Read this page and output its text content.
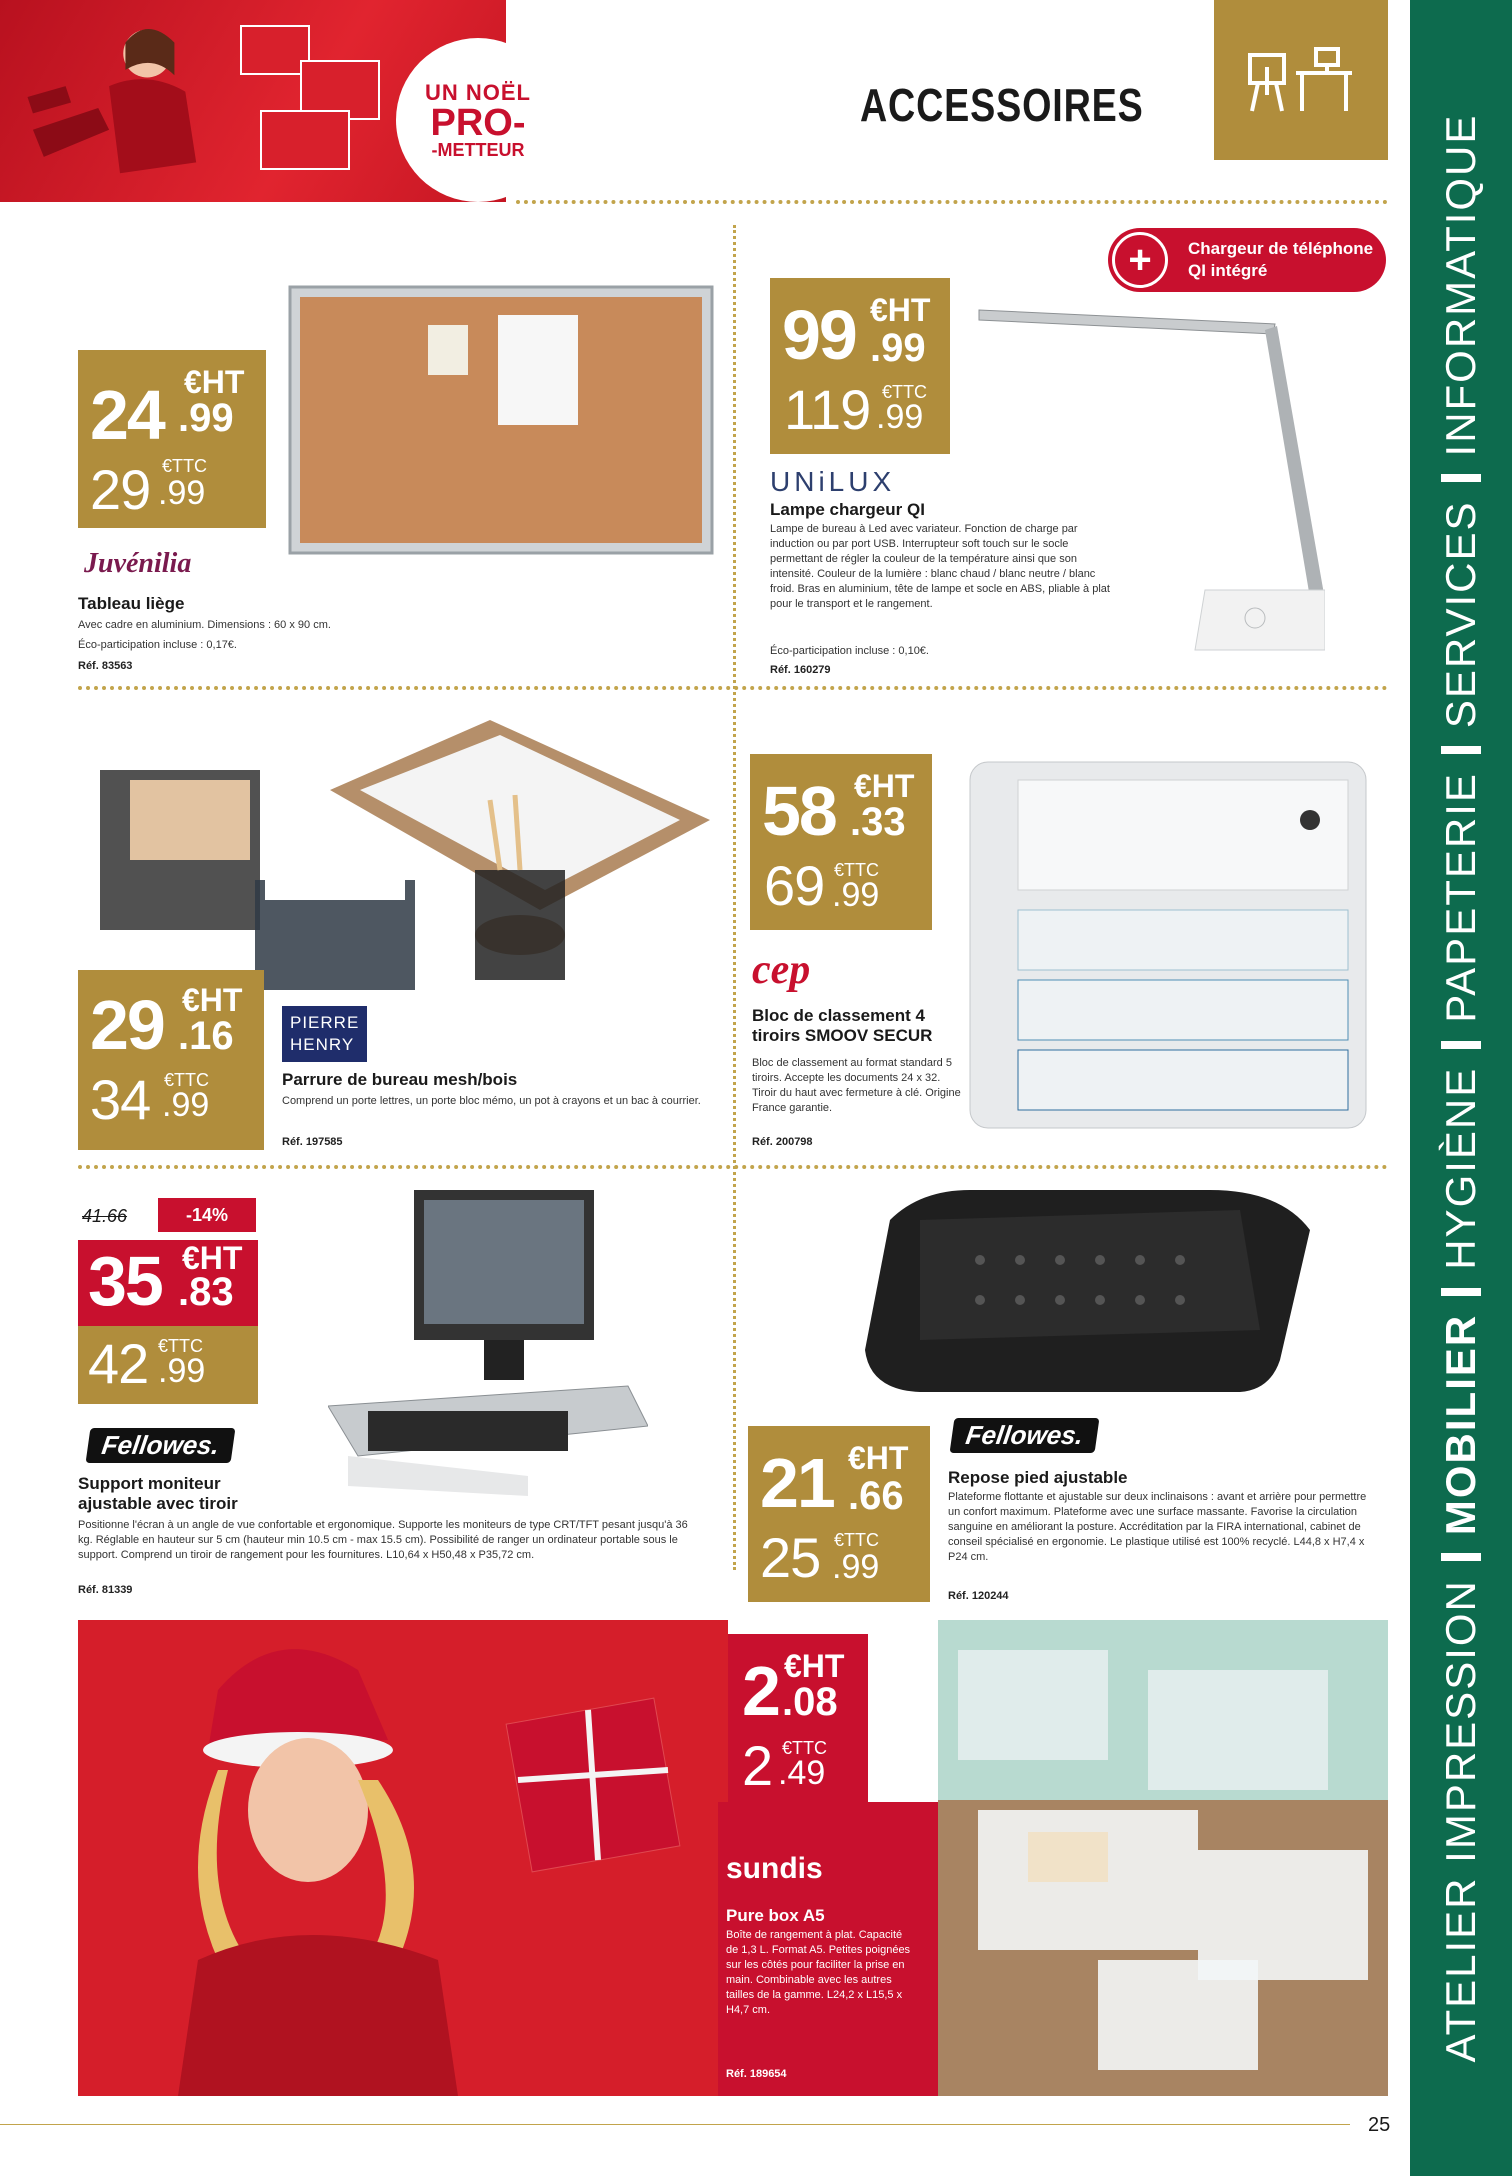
UN NOËL
PRO-
-METTEUR
ACCESSOIRES
ATELIER IMPRESSIONMOBILIERHYGIÈNEPAPETERIESERVICESINFORMATIQUE
24 €HT
.99
29 €TTC
.99
Juvénilia
Tableau liège
Avec cadre en aluminium. Dimensions : 60 x 90 cm.
Éco-participation incluse : 0,17€.
Réf. 83563
+	Chargeur de téléphone QI intégré
99 €HT
.99
119 €TTC
.99
UNiLUX
Lampe chargeur QI
Lampe de bureau à Led avec variateur. Fonction de charge par induction ou par port USB. Interrupteur soft touch sur le socle permettant de régler la couleur de la température ainsi que son intensité. Couleur de la lumière : blanc chaud / blanc neutre / blanc froid. Bras en aluminium, tête de lampe et socle en ABS, pliable à plat pour le transport et le rangement.
Éco-participation incluse : 0,10€.
Réf. 160279
29 €HT
.16
34 €TTC
.99
PIERRE
HENRY
Parrure de bureau mesh/bois
Comprend un porte lettres, un porte bloc mémo, un pot à crayons et un bac à courrier.
Réf. 197585
58 €HT
.33
69 €TTC
.99
cep
Bloc de classement 4 tiroirs SMOOV SECUR
Bloc de classement au format standard 5 tiroirs. Accepte les documents 24 x 32. Tiroir du haut avec fermeture à clé. Origine France garantie.
Réf. 200798
41.66	-14%
35 €HT
.83
42 €TTC
.99
Fellowes.
Support moniteur
ajustable avec tiroir
Positionne l'écran à un angle de vue confortable et ergonomique. Supporte les moniteurs de type CRT/TFT pesant jusqu'à 36 kg. Réglable en hauteur sur 5 cm (hauteur min 10.5 cm - max 15.5 cm). Possibilité de ranger un ordinateur portable sous le support. Comprend un tiroir de rangement pour les fournitures. L10,64 x H50,48 x P35,72 cm.
Réf. 81339
21 €HT
.66
25 €TTC
.99
Fellowes.
Repose pied ajustable
Plateforme flottante et ajustable sur deux inclinaisons : avant et arrière pour permettre un confort maximum. Plateforme avec une surface massante. Favorise la circulation sanguine en améliorant la posture. Accréditation par la FIRA international, cabinet de conseil spécialisé en ergonomie. Le plastique utilisé est 100% recyclé. L44,8 x H7,4 x P24 cm.
Réf. 120244
2 €HT
.08
2 €TTC
.49
sundis
Pure box A5
Boîte de rangement à plat. Capacité de 1,3 L. Format A5. Petites poignées sur les côtés pour faciliter la prise en main. Combinable avec les autres tailles de la gamme. L24,2 x L15,5 x H4,7 cm.
Réf. 189654
25
